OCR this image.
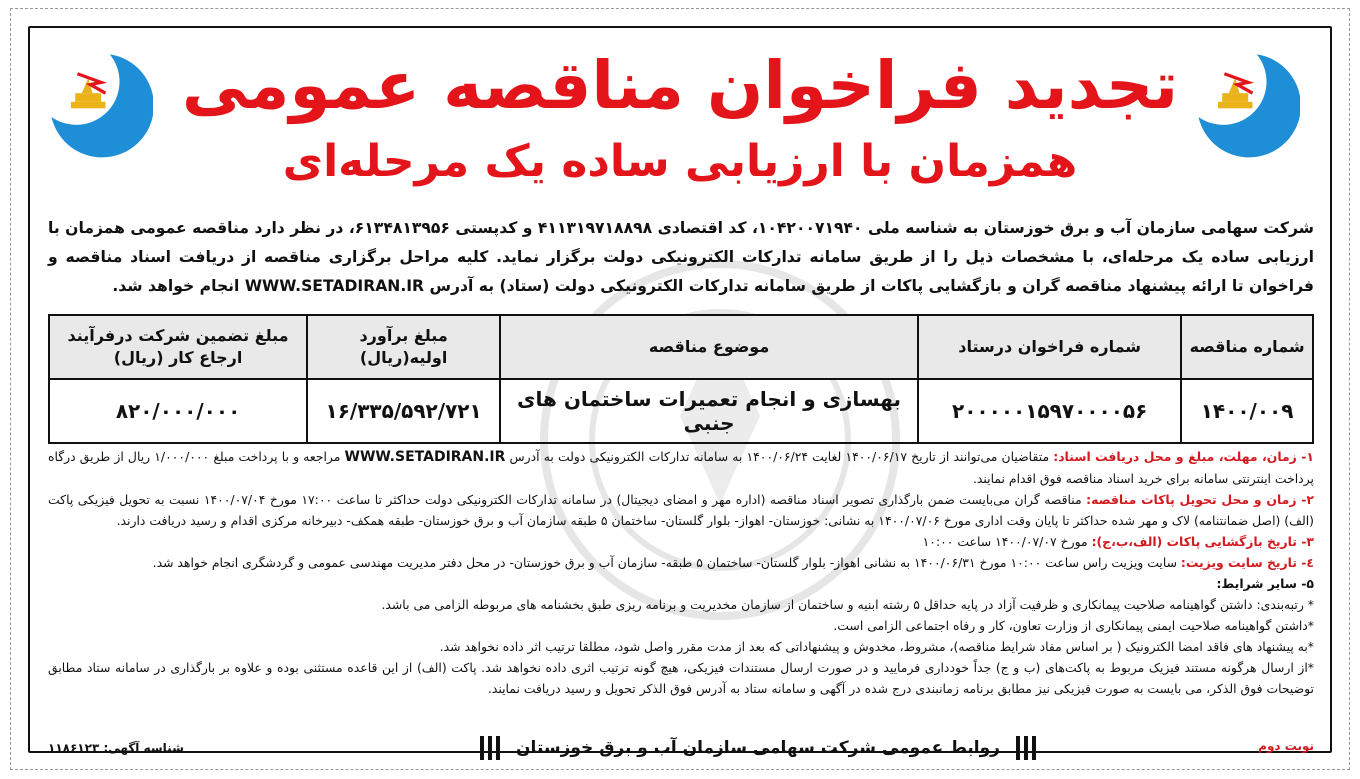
تجدید فراخوان مناقصه عمومی
همزمان با ارزیابی ساده یک مرحله‌ای
شرکت سهامی سازمان آب و برق خوزستان به شناسه ملی ۱۰۴۲۰۰۷۱۹۴۰، کد اقتصادی ۴۱۱۳۱۹۷۱۸۸۹۸ و کدپستی ۶۱۳۴۸۱۳۹۵۶، در نظر دارد مناقصه عمومی همزمان با ارزیابی ساده یک مرحله‌ای، با مشخصات ذیل را از طریق سامانه تدارکات الکترونیکی دولت برگزار نماید. کلیه مراحل برگزاری مناقصه از دریافت اسناد مناقصه و فراخوان تا ارائه پیشنهاد مناقصه گران و بازگشایی پاکات از طریق سامانه تدارکات الکترونیکی دولت (ستاد) به آدرس WWW.SETADIRAN.IR انجام خواهد شد.
شماره مناقصه	شماره فراخوان درستاد	موضوع مناقصه	مبلغ برآورد اولیه(ریال)	مبلغ تضمین شرکت درفرآیند ارجاع کار (ریال)
۱۴۰۰/۰۰۹	۲۰۰۰۰۰۱۵۹۷۰۰۰۰۵۶	بهسازی و انجام تعمیرات ساختمان های جنبی	۱۶/۳۳۵/۵۹۲/۷۲۱	۸۲۰/۰۰۰/۰۰۰

۱- زمان، مهلت، مبلغ و محل دریافت اسناد: متقاضیان می‌توانند از تاریخ ۱۴۰۰/۰۶/۱۷ لغایت ۱۴۰۰/۰۶/۲۴ به سامانه تدارکات الکترونیکی دولت به آدرس WWW.SETADIRAN.IR مراجعه و با پرداخت مبلغ ۱/۰۰۰/۰۰۰ ریال از طریق درگاه پرداخت اینترنتی سامانه برای خرید اسناد مناقصه فوق اقدام نمایند.

۲- زمان و محل تحویل پاکات مناقصه: مناقصه گران می‌بایست ضمن بارگذاری تصویر اسناد مناقصه (اداره مهر و امضای دیجیتال) در سامانه تدارکات الکترونیکی دولت حداکثر تا ساعت ۱۷:۰۰ مورخ ۱۴۰۰/۰۷/۰۴ نسبت به تحویل فیزیکی پاکت (الف) (اصل ضمانتنامه) لاک و مهر شده حداکثر تا پایان وقت اداری مورخ ۱۴۰۰/۰۷/۰۶ به نشانی: خوزستان- اهواز- بلوار گلستان- ساختمان ۵ طبقه سازمان آب و برق خوزستان- طبقه همکف- دبیرخانه مرکزی اقدام و رسید دریافت دارند.

۳- تاریخ بازگشایی پاکات (الف،ب،ج): مورخ ۱۴۰۰/۰۷/۰۷ ساعت ۱۰:۰۰

٤- تاریخ سایت ویزیت: سایت ویزیت راس ساعت ۱۰:۰۰ مورخ ۱۴۰۰/۰۶/۳۱ به نشانی اهواز- بلوار گلستان- ساختمان ۵ طبقه- سازمان آب و برق خوزستان- در محل دفتر مدیریت مهندسی عمومی و گردشگری انجام خواهد شد.

۵- سایر شرایط:

* رتبه‌بندی: داشتن گواهینامه صلاحیت پیمانکاری و ظرفیت آزاد در پایه حداقل ۵ رشته ابنیه و ساختمان از سازمان مخدیریت و برنامه ریزی طبق بخشنامه های مربوطه الزامی می باشد.

*داشتن گواهینامه صلاحیت ایمنی پیمانکاری از وزارت تعاون، کار و رفاه اجتماعی الزامی است.

*به پیشنهاد های فاقد امضا الکترونیک ( بر اساس مفاد شرایط مناقصه)، مشروط، مخدوش و پیشنهاداتی که بعد از مدت مقرر واصل شود، مطلقا ترتیب اثر داده نخواهد شد.

*از ارسال هرگونه مستند فیزیک مربوط به پاکت‌های (ب و ج) جداً خودداری فرمایید و در صورت ارسال مستندات فیزیکی، هیچ گونه ترتیب اثری داده نخواهد شد. پاکت (الف) از این قاعده مستثنی بوده و علاوه بر بارگذاری در سامانه ستاد مطابق توضیحات فوق الذکر، می بایست به صورت فیزیکی نیز مطابق برنامه زمانبندی درج شده در آگهی و سامانه ستاد به آدرس فوق الذکر تحویل و رسید دریافت نمایند.

نوبت دوم
روابط عمومی شرکت سهامی سازمان آب و برق خوزستان
شناسه آگهی: ۱۱۸۶۱۲۳
